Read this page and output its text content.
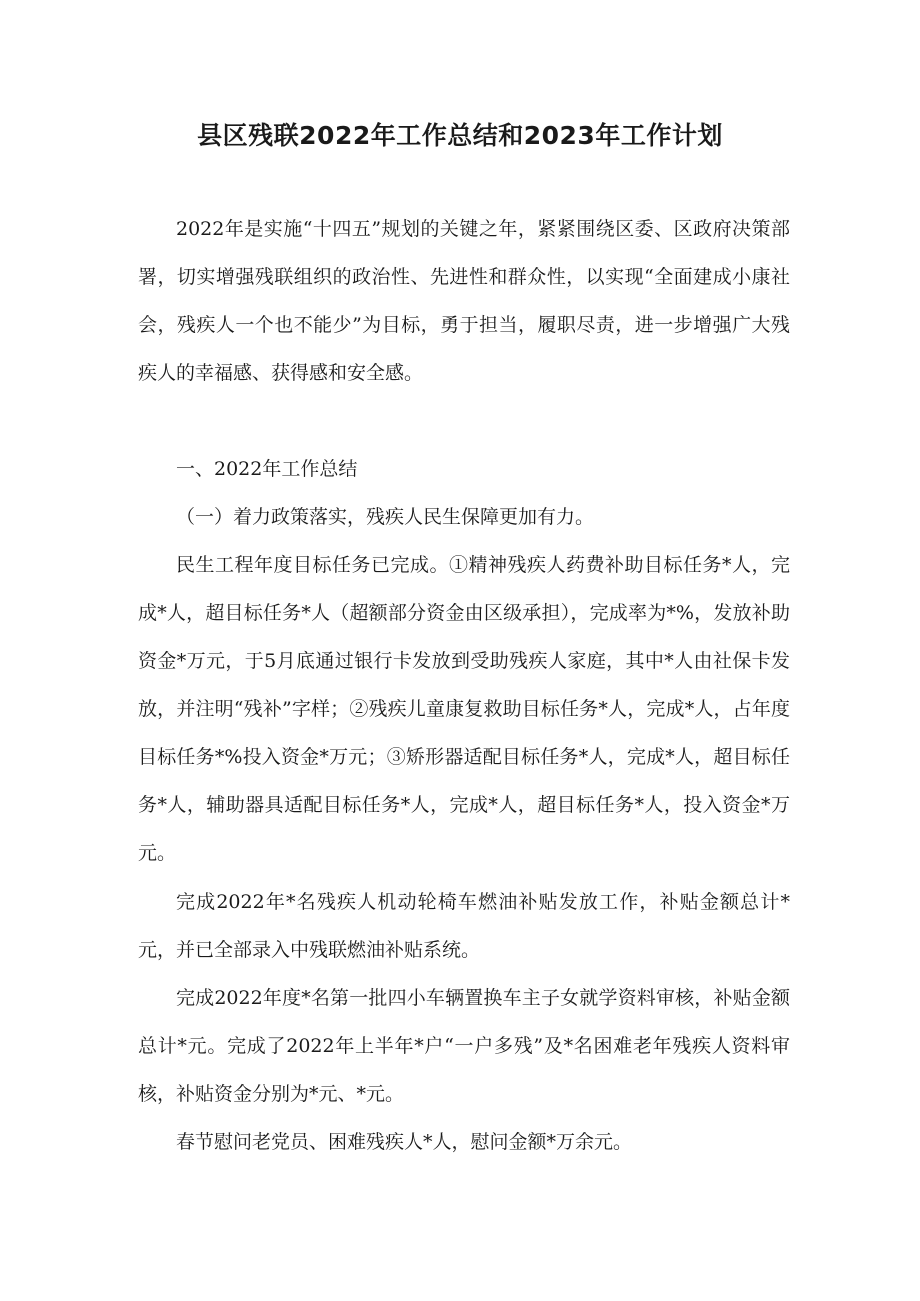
县区残联2022年工作总结和2023年工作计划

2022年是实施“十四五”规划的关键之年，紧紧围绕区委、区政府决策部署，切实增强残联组织的政治性、先进性和群众性，以实现“全面建成小康社会，残疾人一个也不能少”为目标，勇于担当，履职尽责，进一步增强广大残疾人的幸福感、获得感和安全感。

一、2022年工作总结

（一）着力政策落实，残疾人民生保障更加有力。

民生工程年度目标任务已完成。①精神残疾人药费补助目标任务*人，完成*人，超目标任务*人（超额部分资金由区级承担），完成率为*%，发放补助资金*万元，于5月底通过银行卡发放到受助残疾人家庭，其中*人由社保卡发放，并注明“残补”字样；②残疾儿童康复救助目标任务*人，完成*人，占年度目标任务*%投入资金*万元；③矫形器适配目标任务*人，完成*人，超目标任务*人，辅助器具适配目标任务*人，完成*人，超目标任务*人，投入资金*万元。

完成2022年*名残疾人机动轮椅车燃油补贴发放工作，补贴金额总计*元，并已全部录入中残联燃油补贴系统。

完成2022年度*名第一批四小车辆置换车主子女就学资料审核，补贴金额总计*元。完成了2022年上半年*户“一户多残”及*名困难老年残疾人资料审核，补贴资金分别为*元、*元。

春节慰问老党员、困难残疾人*人，慰问金额*万余元。
